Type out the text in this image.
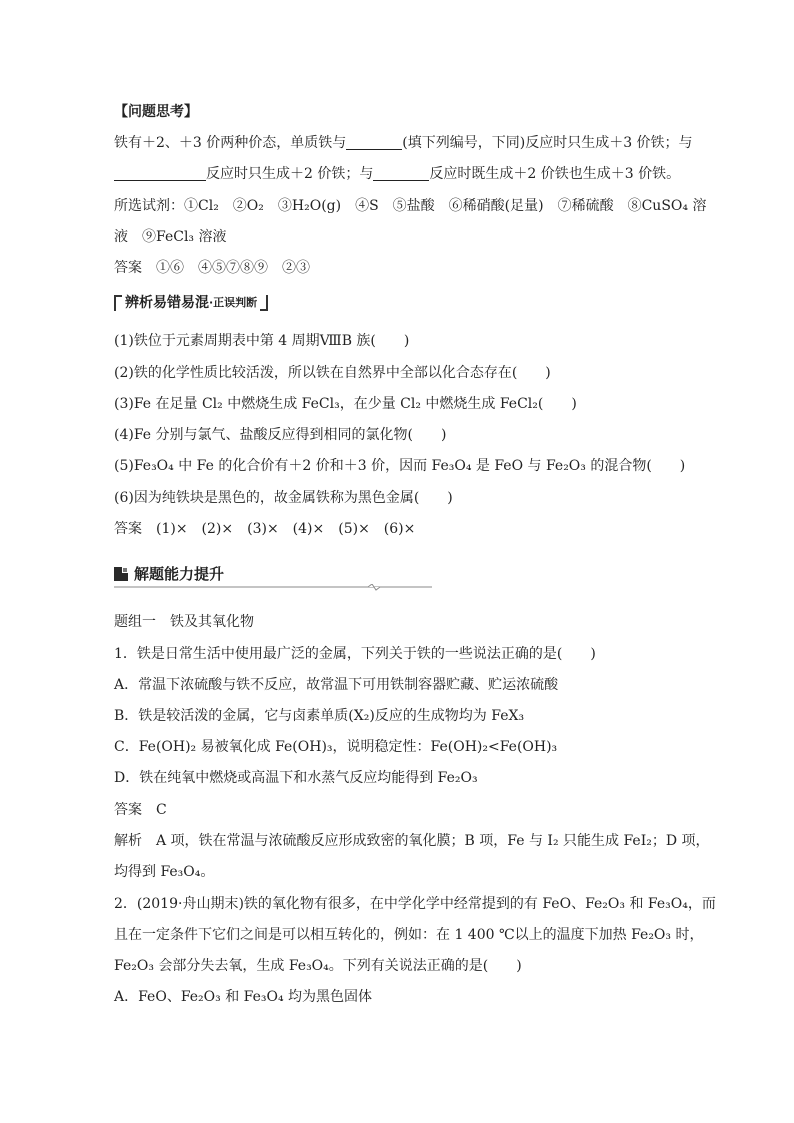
【问题思考】
铁有＋2、＋3 价两种价态，单质铁与	(填下列编号，下同)反应时只生成＋3 价铁；与
反应时只生成＋2 价铁；与	反应时既生成＋2 价铁也生成＋3 价铁。
所选试剂：①Cl₂　②O₂　③H₂O(g)　④S　⑤盐酸　⑥稀硝酸(足量)　⑦稀硫酸　⑧CuSO₄ 溶
液　⑨FeCl₃ 溶液
答案　 ①⑥　④⑤⑦⑧⑨　②③
辨析易错易混 ·正误判断
(1)铁位于元素周期表中第 4 周期ⅧB 族(　　)
(2)铁的化学性质比较活泼，所以铁在自然界中全部以化合态存在(　　)
(3)Fe 在足量 Cl₂ 中燃烧生成 FeCl₃，在少量 Cl₂ 中燃烧生成 FeCl₂(　　)
(4)Fe 分别与氯气、盐酸反应得到相同的氯化物(　　)
(5)Fe₃O₄ 中 Fe 的化合价有＋2 价和＋3 价，因而 Fe₃O₄ 是 FeO 与 Fe₂O₃ 的混合物(　　)
(6)因为纯铁块是黑色的，故金属铁称为黑色金属(　　)
答案　 (1)×　(2)×　(3)×　(4)×　(5)×　(6)×
解题能力提升
题组一　铁及其氧化物
1．铁是日常生活中使用最广泛的金属，下列关于铁的一些说法正确的是(　　)
A．常温下浓硫酸与铁不反应，故常温下可用铁制容器贮藏、贮运浓硫酸
B．铁是较活泼的金属，它与卤素单质(X₂)反应的生成物均为 FeX₃
C．Fe(OH)₂ 易被氧化成 Fe(OH)₃，说明稳定性：Fe(OH)₂<Fe(OH)₃
D．铁在纯氧中燃烧或高温下和水蒸气反应均能得到 Fe₂O₃
答案　 C
解析　 A 项，铁在常温与浓硫酸反应形成致密的氧化膜；B 项，Fe 与 I₂ 只能生成 FeI₂；D 项，
均得到 Fe₃O₄。
2．(2019·舟山期末)铁的氧化物有很多，在中学化学中经常提到的有 FeO、Fe₂O₃ 和 Fe₃O₄，而
且在一定条件下它们之间是可以相互转化的，例如：在 1 400 ℃以上的温度下加热 Fe₂O₃ 时，
Fe₂O₃ 会部分失去氧，生成 Fe₃O₄。下列有关说法正确的是(　　)
A．FeO、Fe₂O₃ 和 Fe₃O₄ 均为黑色固体
